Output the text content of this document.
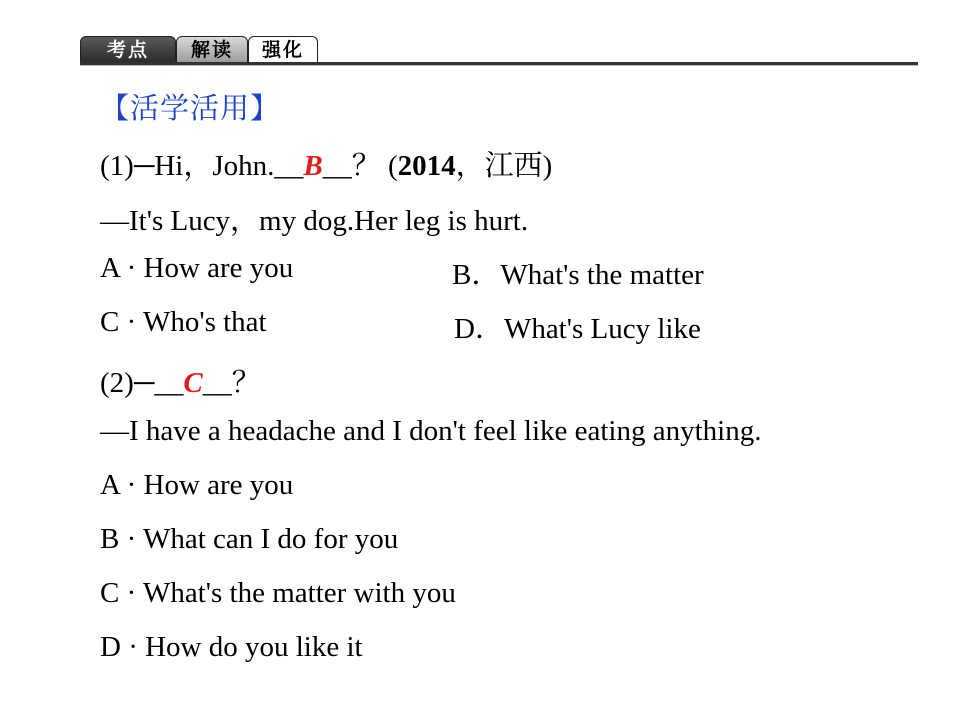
考点	解读	强化
【活学活用】
(1)─Hi，John.__B__？ (2014，江西)
—It's Lucy，my dog.Her leg is hurt.
A · How are you	B．What's the matter
C · Who's that	D．What's Lucy like
(2)─__C__？
—I have a headache and I don't feel like eating anything.
A · How are you
B · What can I do for you
C · What's the matter with you
D · How do you like it
